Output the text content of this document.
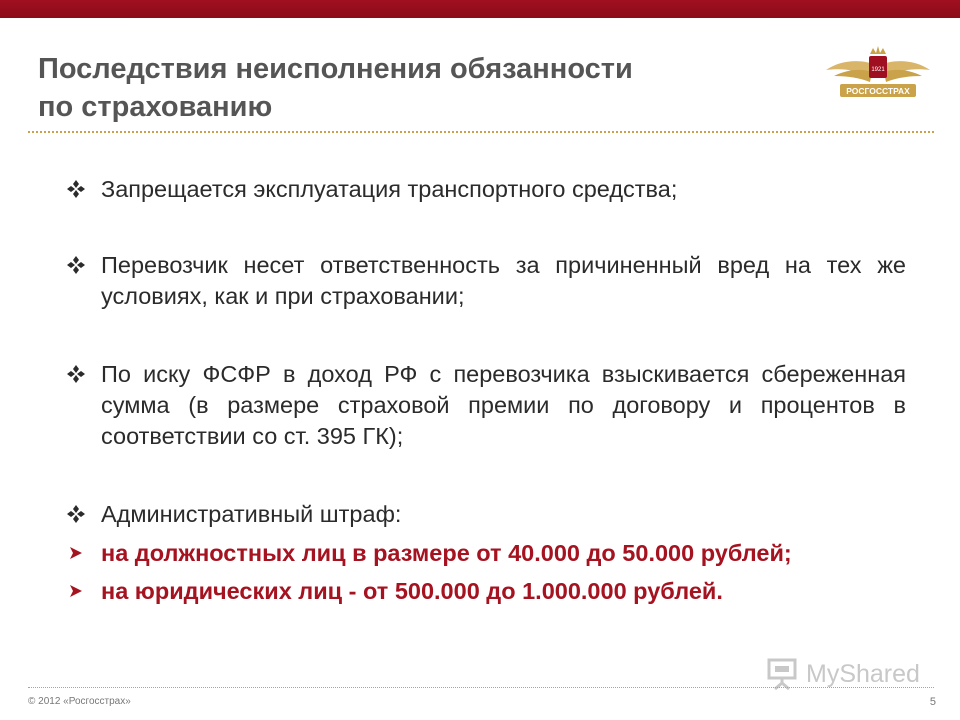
Последствия неисполнения обязанности
по страхованию
1921
РОСГОССТРАХ
Запрещается эксплуатация транспортного средства;
Перевозчик несет ответственность за причиненный вред на тех же условиях, как и при страховании;
По иску ФСФР в доход РФ с перевозчика взыскивается сбереженная сумма (в размере страховой премии по договору и процентов в соответствии со ст. 395 ГК);
Административный штраф:
на должностных лиц в размере от 40.000 до 50.000 рублей;
на юридических лиц - от 500.000 до 1.000.000 рублей.
MyShared
© 2012 «Росгосстрах»	5
